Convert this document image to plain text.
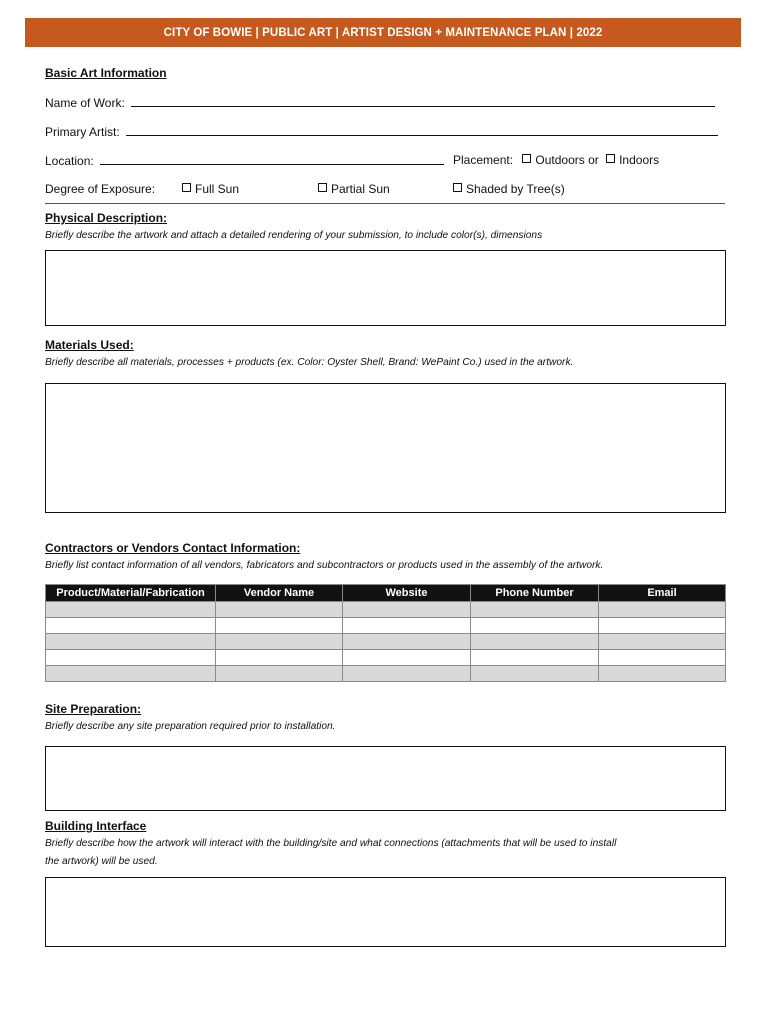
CITY OF BOWIE | PUBLIC ART | ARTIST DESIGN + MAINTENANCE PLAN | 2022
Basic Art Information
Name of Work:
Primary Artist:
Location:	Placement: Outdoors or Indoors
Degree of Exposure:	Full Sun	Partial Sun	Shaded by Tree(s)
Physical Description:
Briefly describe the artwork and attach a detailed rendering of your submission, to include color(s), dimensions
Materials Used:
Briefly describe all materials, processes + products (ex. Color: Oyster Shell, Brand: WePaint Co.) used in the artwork.
Contractors or Vendors Contact Information:
Briefly list contact information of all vendors, fabricators and subcontractors or products used in the assembly of the artwork.
Product/Material/Fabrication	Vendor Name	Website	Phone Number	Email

Site Preparation:
Briefly describe any site preparation required prior to installation.
Building Interface
Briefly describe how the artwork will interact with the building/site and what connections (attachments that will be used to install
the artwork) will be used.
